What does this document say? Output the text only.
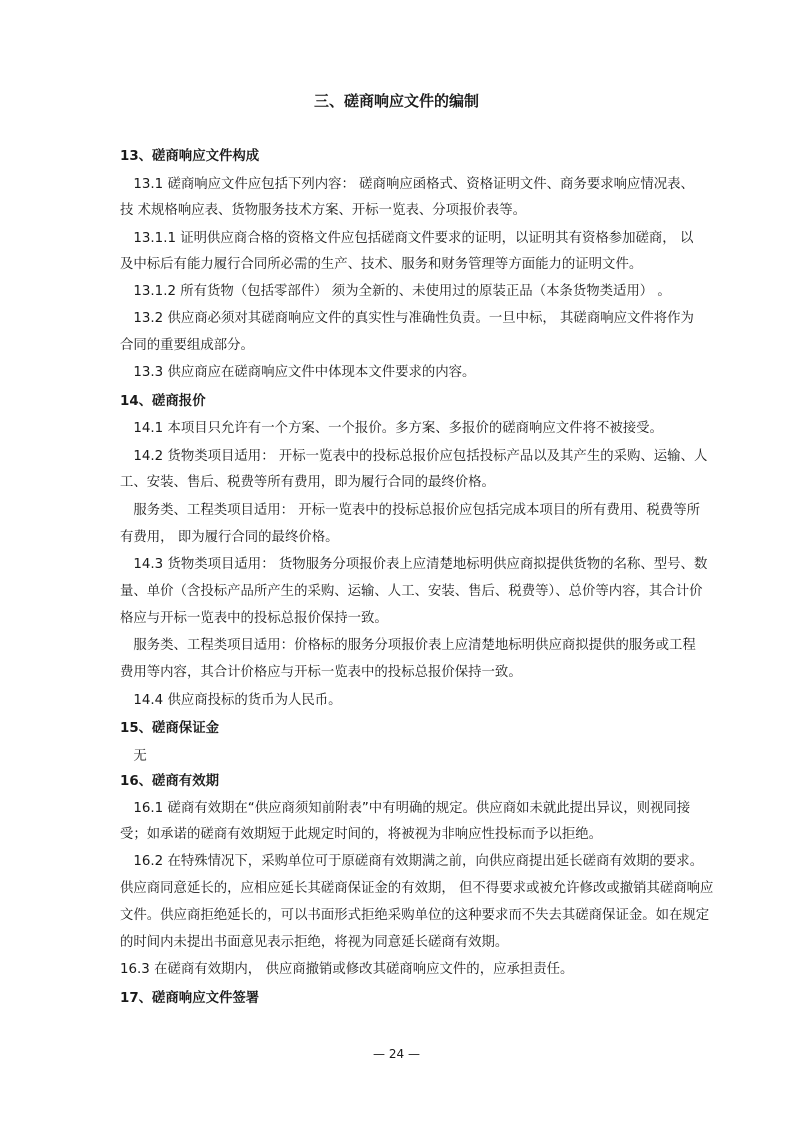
三、磋商响应文件的编制
13、磋商响应文件构成
　13.1 磋商响应文件应包括下列内容： 磋商响应函格式、资格证明文件、商务要求响应情况表、
技 术规格响应表、货物服务技术方案、开标一览表、分项报价表等。
　13.1.1 证明供应商合格的资格文件应包括磋商文件要求的证明，以证明其有资格参加磋商， 以
及中标后有能力履行合同所必需的生产、技术、服务和财务管理等方面能力的证明文件。
　13.1.2 所有货物（包括零部件） 须为全新的、未使用过的原装正品（本条货物类适用） 。
　13.2 供应商必须对其磋商响应文件的真实性与准确性负责。一旦中标， 其磋商响应文件将作为
合同的重要组成部分。
　13.3 供应商应在磋商响应文件中体现本文件要求的内容。
14、磋商报价
　14.1 本项目只允许有一个方案、一个报价。多方案、多报价的磋商响应文件将不被接受。
　14.2 货物类项目适用： 开标一览表中的投标总报价应包括投标产品以及其产生的采购、运输、人
工、安装、售后、税费等所有费用，即为履行合同的最终价格。
　服务类、工程类项目适用： 开标一览表中的投标总报价应包括完成本项目的所有费用、税费等所
有费用， 即为履行合同的最终价格。
　14.3 货物类项目适用： 货物服务分项报价表上应清楚地标明供应商拟提供货物的名称、型号、数
量、单价（含投标产品所产生的采购、运输、人工、安装、售后、税费等）、总价等内容，其合计价
格应与开标一览表中的投标总报价保持一致。
　服务类、工程类项目适用：价格标的服务分项报价表上应清楚地标明供应商拟提供的服务或工程
费用等内容，其合计价格应与开标一览表中的投标总报价保持一致。
　14.4 供应商投标的货币为人民币。
15、磋商保证金
　无
16、磋商有效期
　16.1 磋商有效期在“供应商须知前附表”中有明确的规定。供应商如未就此提出异议，则视同接
受；如承诺的磋商有效期短于此规定时间的，将被视为非响应性投标而予以拒绝。
　16.2 在特殊情况下，采购单位可于原磋商有效期满之前，向供应商提出延长磋商有效期的要求。
供应商同意延长的，应相应延长其磋商保证金的有效期， 但不得要求或被允许修改或撤销其磋商响应
文件。供应商拒绝延长的，可以书面形式拒绝采购单位的这种要求而不失去其磋商保证金。如在规定
的时间内未提出书面意见表示拒绝，将视为同意延长磋商有效期。
16.3 在磋商有效期内， 供应商撤销或修改其磋商响应文件的，应承担责任。
17、磋商响应文件签署
— 24 —
